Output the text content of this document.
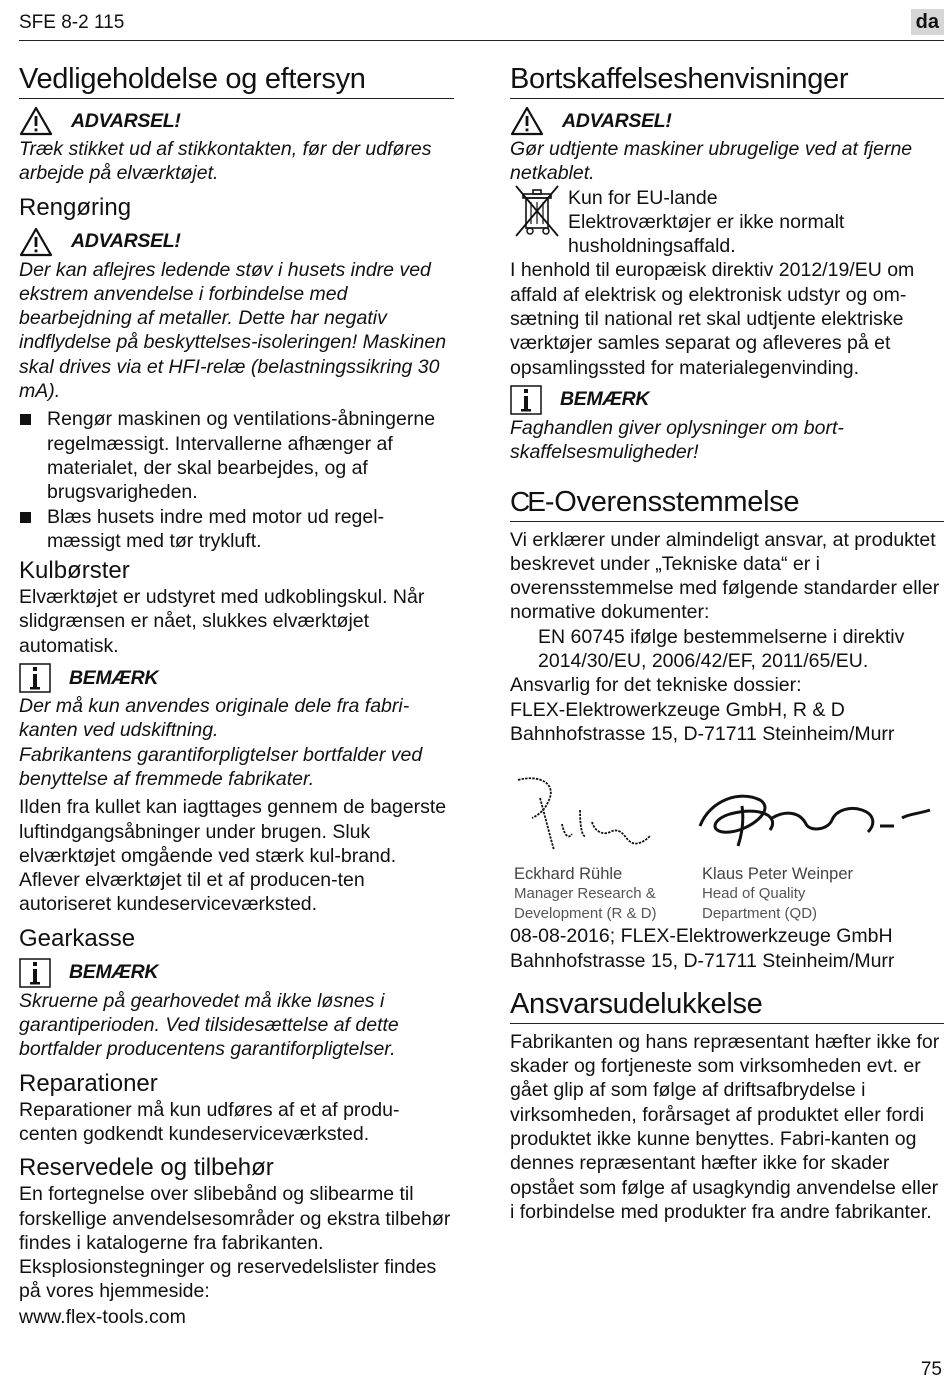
SFE 8-2 115	da
Vedligeholdelse og eftersyn
ADVARSEL!

Træk stikket ud af stikkontakten, før der udføres arbejde på elværktøjet.

Rengøring
ADVARSEL!

Der kan aflejres ledende støv i husets indre ved ekstrem anvendelse i forbindelse med bearbejdning af metaller. Dette har negativ indflydelse på beskyttelses-isoleringen! Maskinen skal drives via et HFI-relæ (belastningssikring 30 mA).

Rengør maskinen og ventilations-åbningerne regelmæssigt. Intervallerne afhænger af materialet, der skal bearbejdes, og af brugsvarigheden.
Blæs husets indre med motor ud regel-mæssigt med tør trykluft.
Kulbørster

Elværktøjet er udstyret med udkoblingskul. Når slidgrænsen er nået, slukkes elværktøjet automatisk.

BEMÆRK

Der må kun anvendes originale dele fra fabri-kanten ved udskiftning.

Fabrikantens garantiforpligtelser bortfalder ved benyttelse af fremmede fabrikater.

Ilden fra kullet kan iagttages gennem de bagerste luftindgangsåbninger under brugen. Sluk elværktøjet omgående ved stærk kul-brand. Aflever elværktøjet til et af producen-ten autoriseret kundeserviceværksted.

Gearkasse
BEMÆRK

Skruerne på gearhovedet må ikke løsnes i garantiperioden. Ved tilsidesættelse af dette bortfalder producentens garantiforpligtelser.

Reparationer

Reparationer må kun udføres af et af produ-centen godkendt kundeserviceværksted.

Reservedele og tilbehør

En fortegnelse over slibebånd og slibearme til forskellige anvendelsesområder og ekstra tilbehør findes i katalogerne fra fabrikanten. Eksplosionstegninger og reservedelslister findes på vores hjemmeside:

www.flex-tools.com
Bortskaffelseshenvisninger
ADVARSEL!

Gør udtjente maskiner ubrugelige ved at fjerne netkablet.

Kun for EU-lande

Elektroværktøjer er ikke normalt husholdningsaffald.

I henhold til europæisk direktiv 2012/19/EU om affald af elektrisk og elektronisk udstyr og om-sætning til national ret skal udtjente elektriske værktøjer samles separat og afleveres på et opsamlingssted for materialegenvinding.

BEMÆRK

Faghandlen giver oplysninger om bort-skaffelsesmuligheder!

CE-Overensstemmelse

Vi erklærer under almindeligt ansvar, at produktet beskrevet under „Tekniske data“ er i overensstemmelse med følgende standarder eller normative dokumenter:

EN 60745 ifølge bestemmelserne i direktiv 2014/30/EU, 2006/42/EF, 2011/65/EU.

Ansvarlig for det tekniske dossier:

FLEX-Elektrowerkzeuge GmbH, R & D

Bahnhofstrasse 15, D-71711 Steinheim/Murr

Eckhard Rühle
Manager Research &
Development (R & D)
Klaus Peter Weinper
Head of Quality
Department (QD)

08-08-2016; FLEX-Elektrowerkzeuge GmbH

Bahnhofstrasse 15, D-71711 Steinheim/Murr

Ansvarsudelukkelse

Fabrikanten og hans repræsentant hæfter ikke for skader og fortjeneste som virksomheden evt. er gået glip af som følge af driftsafbrydelse i virksomheden, forårsaget af produktet eller fordi produktet ikke kunne benyttes. Fabri-kanten og dennes repræsentant hæfter ikke for skader opstået som følge af usagkyndig anvendelse eller i forbindelse med produkter fra andre fabrikanter.

75
